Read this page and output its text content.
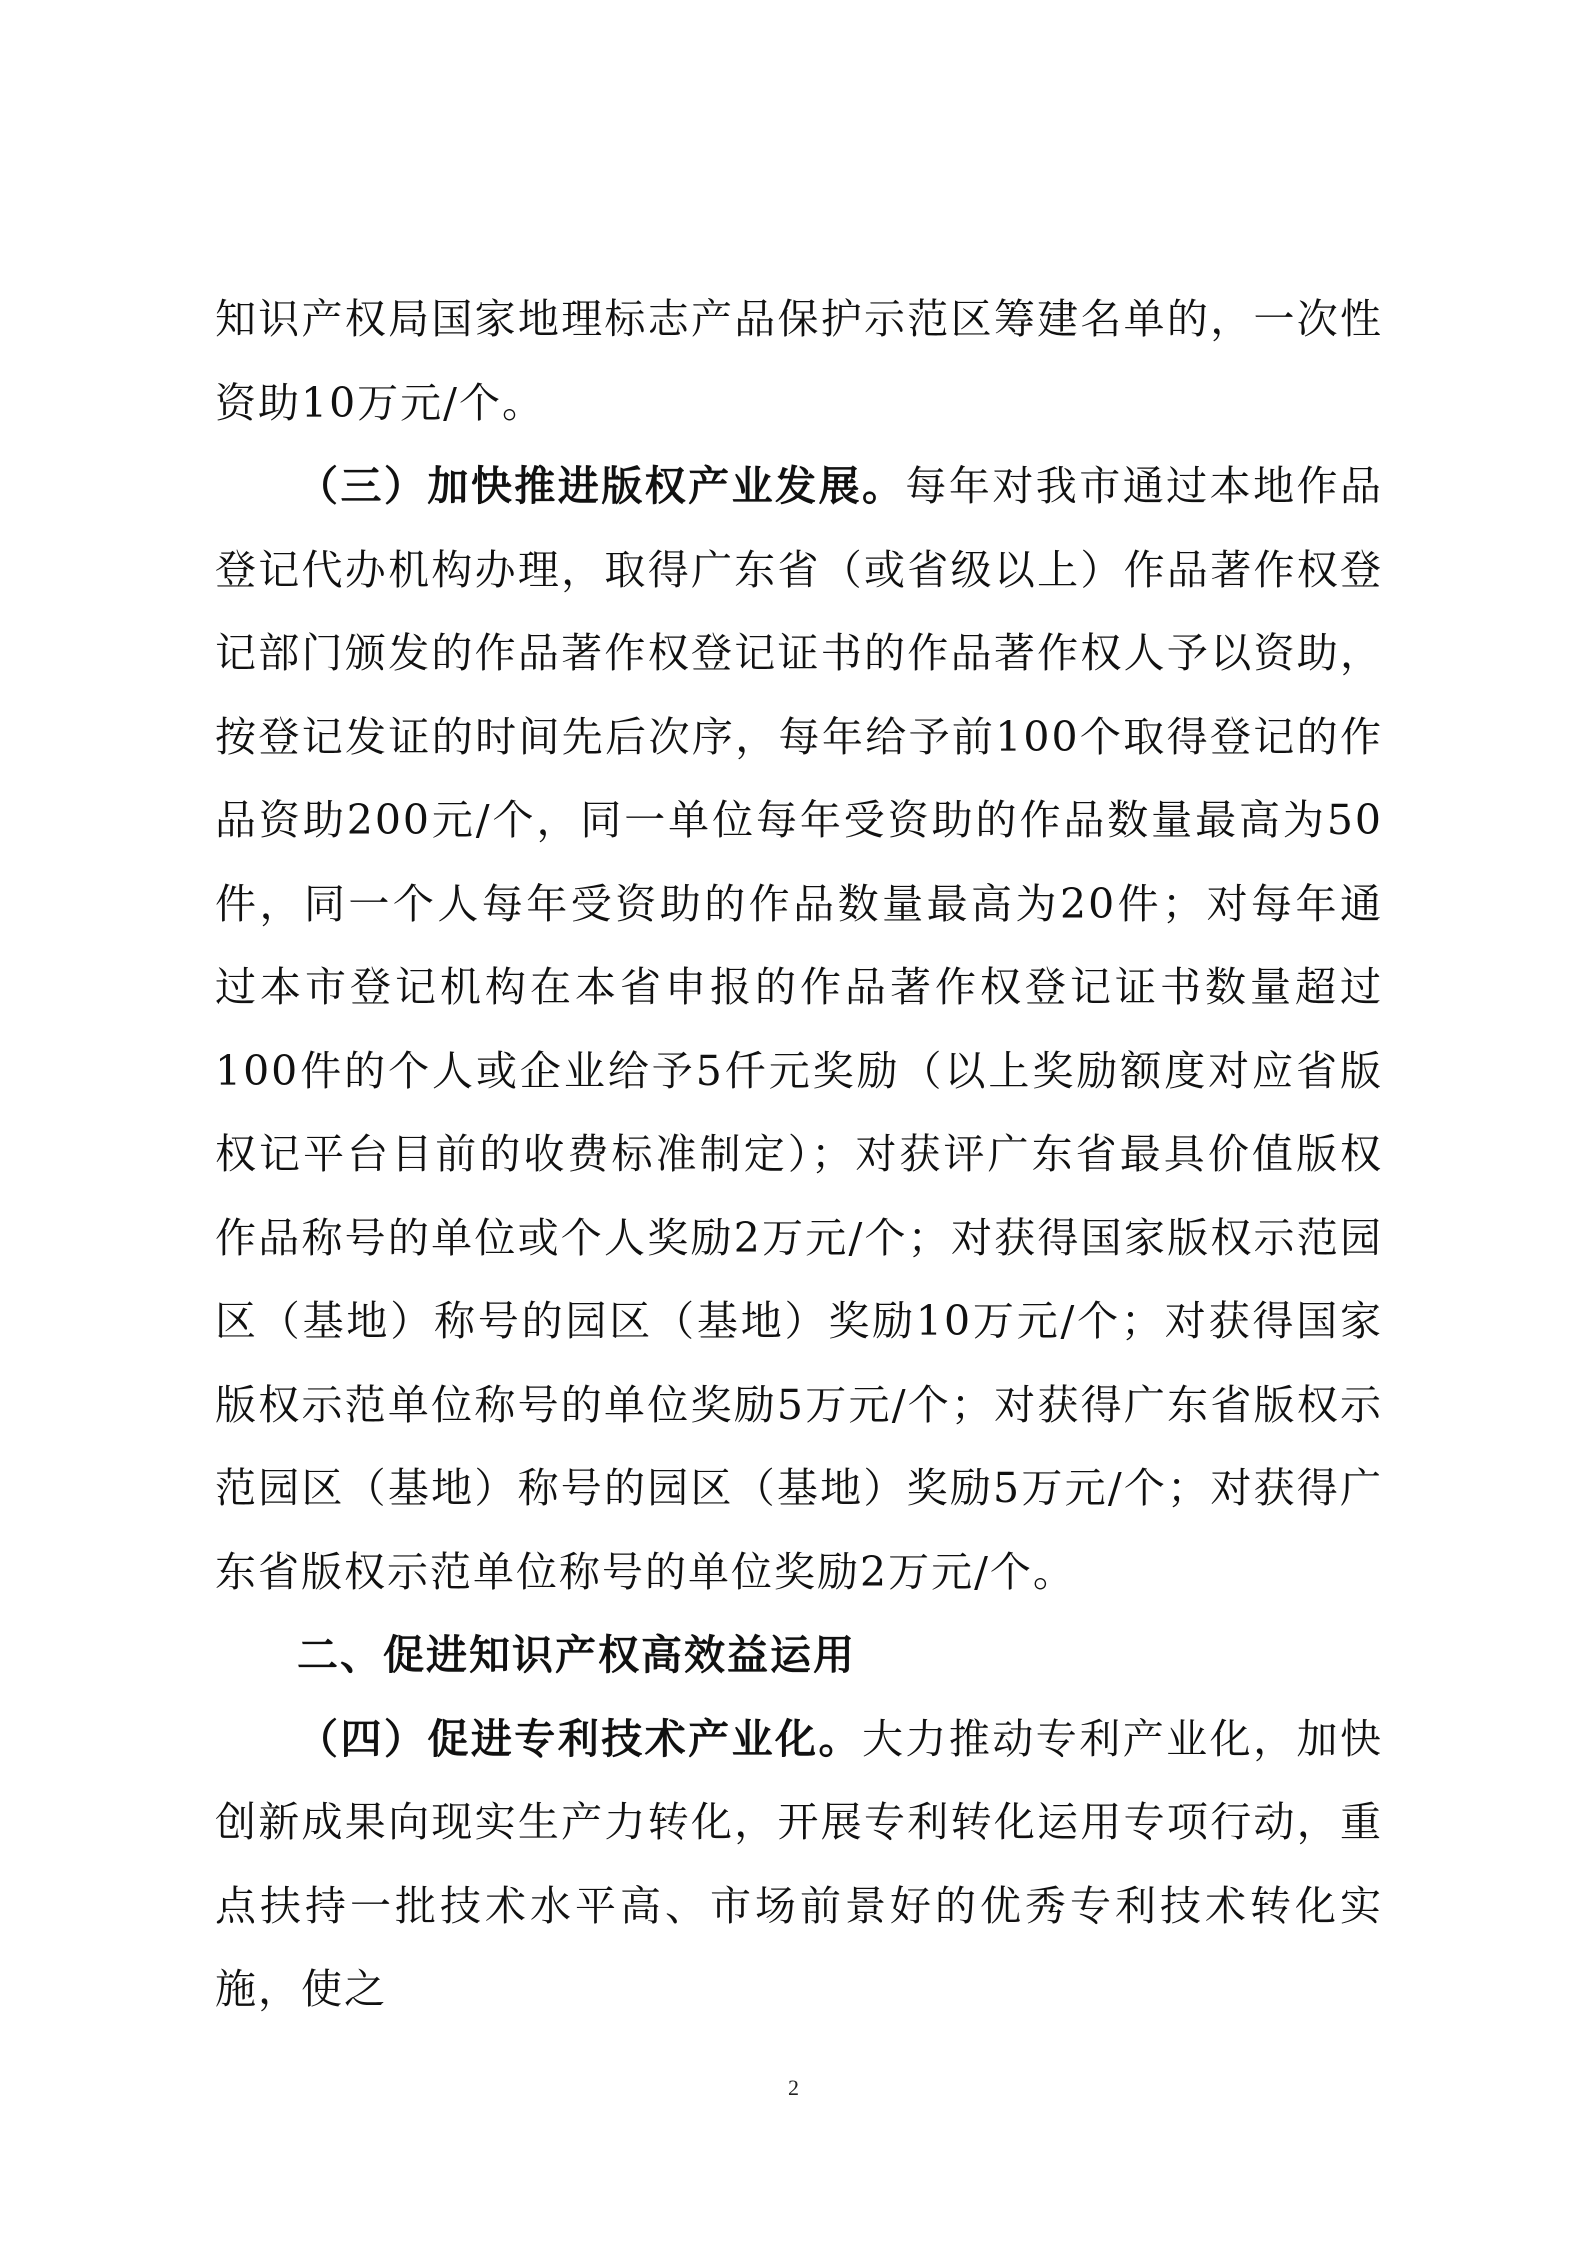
知识产权局国家地理标志产品保护示范区筹建名单的，一次性资助10万元/个。

（三）加快推进版权产业发展。每年对我市通过本地作品登记代办机构办理，取得广东省（或省级以上）作品著作权登记部门颁发的作品著作权登记证书的作品著作权人予以资助，按登记发证的时间先后次序，每年给予前100个取得登记的作品资助200元/个，同一单位每年受资助的作品数量最高为50件，同一个人每年受资助的作品数量最高为20件；对每年通过本市登记机构在本省申报的作品著作权登记证书数量超过100件的个人或企业给予5仟元奖励（以上奖励额度对应省版权记平台目前的收费标准制定）；对获评广东省最具价值版权作品称号的单位或个人奖励2万元/个；对获得国家版权示范园区（基地）称号的园区（基地）奖励10万元/个；对获得国家版权示范单位称号的单位奖励5万元/个；对获得广东省版权示范园区（基地）称号的园区（基地）奖励5万元/个；对获得广东省版权示范单位称号的单位奖励2万元/个。

二、促进知识产权高效益运用

（四）促进专利技术产业化。大力推动专利产业化，加快创新成果向现实生产力转化，开展专利转化运用专项行动，重点扶持一批技术水平高、市场前景好的优秀专利技术转化实施，使之

2
